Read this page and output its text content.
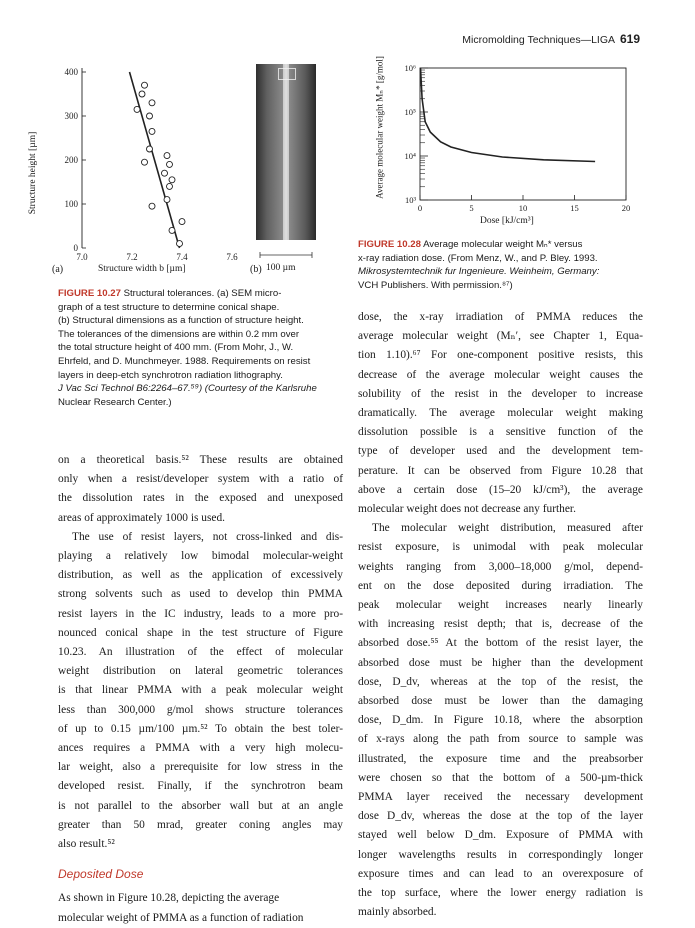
Micromolding Techniques—LIGA 619
0
100
200
300
400
7.0	7.2	7.4	7.6
(a)	Structure width b [µm]
Structure height [µm]
(b) 100 µm
FIGURE 10.27 Structural tolerances. (a) SEM micro-
graph of a test structure to determine conical shape.
(b) Structural dimensions as a function of structure height.
The tolerances of the dimensions are within 0.2 mm over
the total structure height of 400 mm. (From Mohr, J., W.
Ehrfeld, and D. Munchmeyer. 1988. Requirements on resist
layers in deep-etch synchrotron radiation lithography.
J Vac Sci Technol B6:2264–67.⁵⁹) (Courtesy of the Karlsruhe
Nuclear Research Center.)
10³
10⁴
10⁵
10⁶
0	5	10	15	20
Average molecular weight Mₙ* [g/mol]
Dose [kJ/cm³]
FIGURE 10.28 Average molecular weight Mₙ* versus
x-ray radiation dose. (From Menz, W., and P. Bley. 1993.
Mikrosystemtechnik fur Ingenieure. Weinheim, Germany:
VCH Publishers. With permission.⁸⁷)
on a theoretical basis.⁵² These results are obtained
only when a resist/developer system with a ratio of
the dissolution rates in the exposed and unexposed
areas of approximately 1000 is used.
The use of resist layers, not cross-linked and dis-
playing a relatively low bimodal molecular-weight
distribution, as well as the application of excessively
strong solvents such as used to develop thin PMMA
resist layers in the IC industry, leads to a more pro-
nounced conical shape in the test structure of Figure
10.23. An illustration of the effect of molecular
weight distribution on lateral geometric tolerances
is that linear PMMA with a peak molecular weight
less than 300,000 g/mol shows structure tolerances
of up to 0.15 µm/100 µm.⁵² To obtain the best toler-
ances requires a PMMA with a very high molecu-
lar weight, also a prerequisite for low stress in the
developed resist. Finally, if the synchrotron beam
is not parallel to the absorber wall but at an angle
greater than 50 mrad, greater coning angles may
also result.⁵²
Deposited Dose
As shown in Figure 10.28, depicting the average
molecular weight of PMMA as a function of radiation
dose, the x-ray irradiation of PMMA reduces the
average molecular weight (Mₙ′, see Chapter 1, Equa-
tion 1.10).⁶⁷ For one-component positive resists, this
decrease of the average molecular weight causes the
solubility of the resist in the developer to increase
dramatically. The average molecular weight making
dissolution possible is a sensitive function of the
type of developer used and the development tem-
perature. It can be observed from Figure 10.28 that
above a certain dose (15–20 kJ/cm³), the average
molecular weight does not decrease any further.
The molecular weight distribution, measured after
resist exposure, is unimodal with peak molecular
weights ranging from 3,000–18,000 g/mol, depend-
ent on the dose deposited during irradiation. The
peak molecular weight increases nearly linearly
with increasing resist depth; that is, decrease of the
absorbed dose.⁵⁵ At the bottom of the resist layer, the
absorbed dose must be higher than the development
dose, D_dv, whereas at the top of the resist, the
absorbed dose must be lower than the damaging
dose, D_dm. In Figure 10.18, where the absorption
of x-rays along the path from source to sample was
illustrated, the exposure time and the preabsorber
were chosen so that the bottom of a 500-µm-thick
PMMA layer received the necessary development
dose D_dv, whereas the dose at the top of the layer
stayed well below D_dm. Exposure of PMMA with
longer wavelengths results in correspondingly longer
exposure times and can lead to an overexposure of
the top surface, where the lower energy radiation is
mainly absorbed.
